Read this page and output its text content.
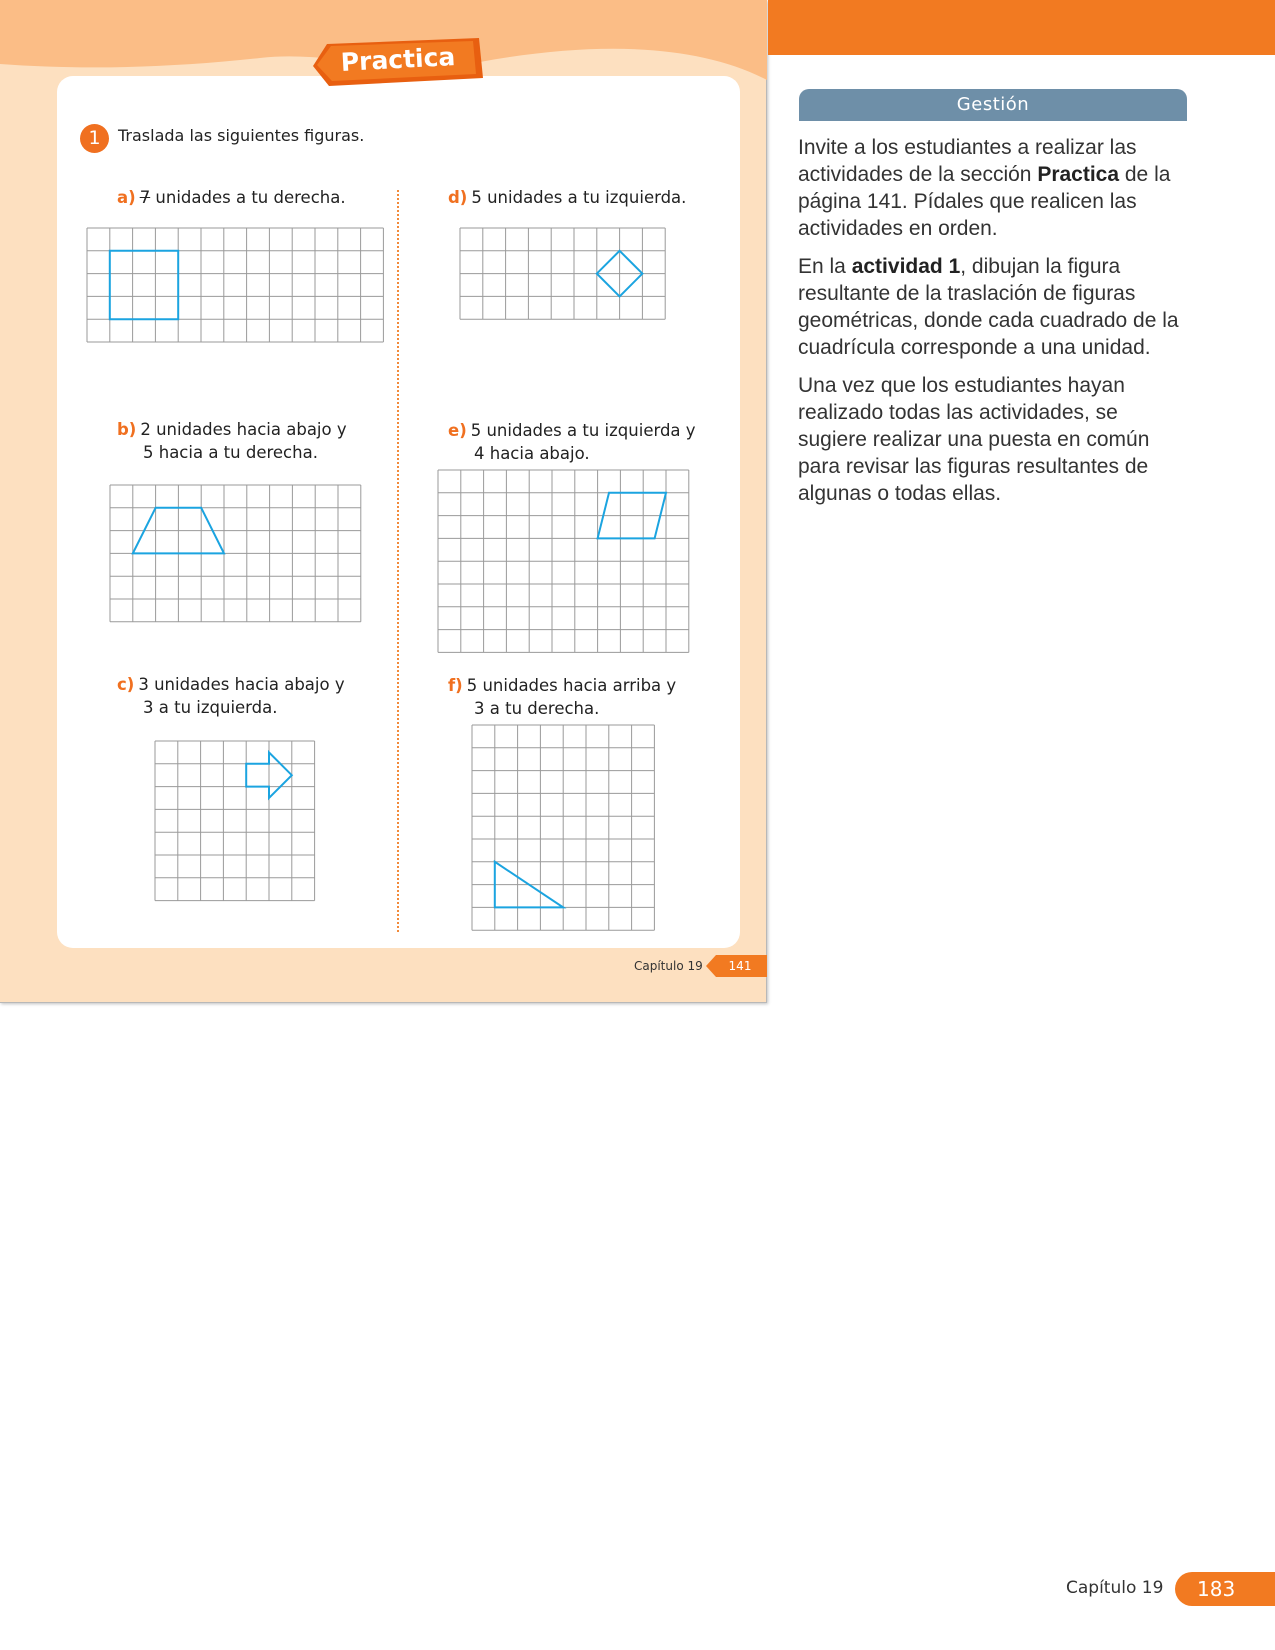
Practica
1	Traslada las siguientes figuras.
a) 7 unidades a tu derecha.
b) 2 unidades hacia abajo y
5 hacia a tu derecha.
c) 3 unidades hacia abajo y
3 a tu izquierda.
d) 5 unidades a tu izquierda.
e) 5 unidades a tu izquierda y
4 hacia abajo.
f) 5 unidades hacia arriba y
3 a tu derecha.
Capítulo 19	141
Gestión

Invite a los estudiantes a realizar las actividades de la sección Practica de la página 141. Pídales que realicen las actividades en orden.

En la actividad 1, dibujan la figura resultante de la traslación de figuras geométricas, donde cada cuadrado de la cuadrícula corresponde a una unidad.

Una vez que los estudiantes hayan realizado todas las actividades, se sugiere realizar una puesta en común para revisar las figuras resultantes de algunas o todas ellas.

Capítulo 19	183
